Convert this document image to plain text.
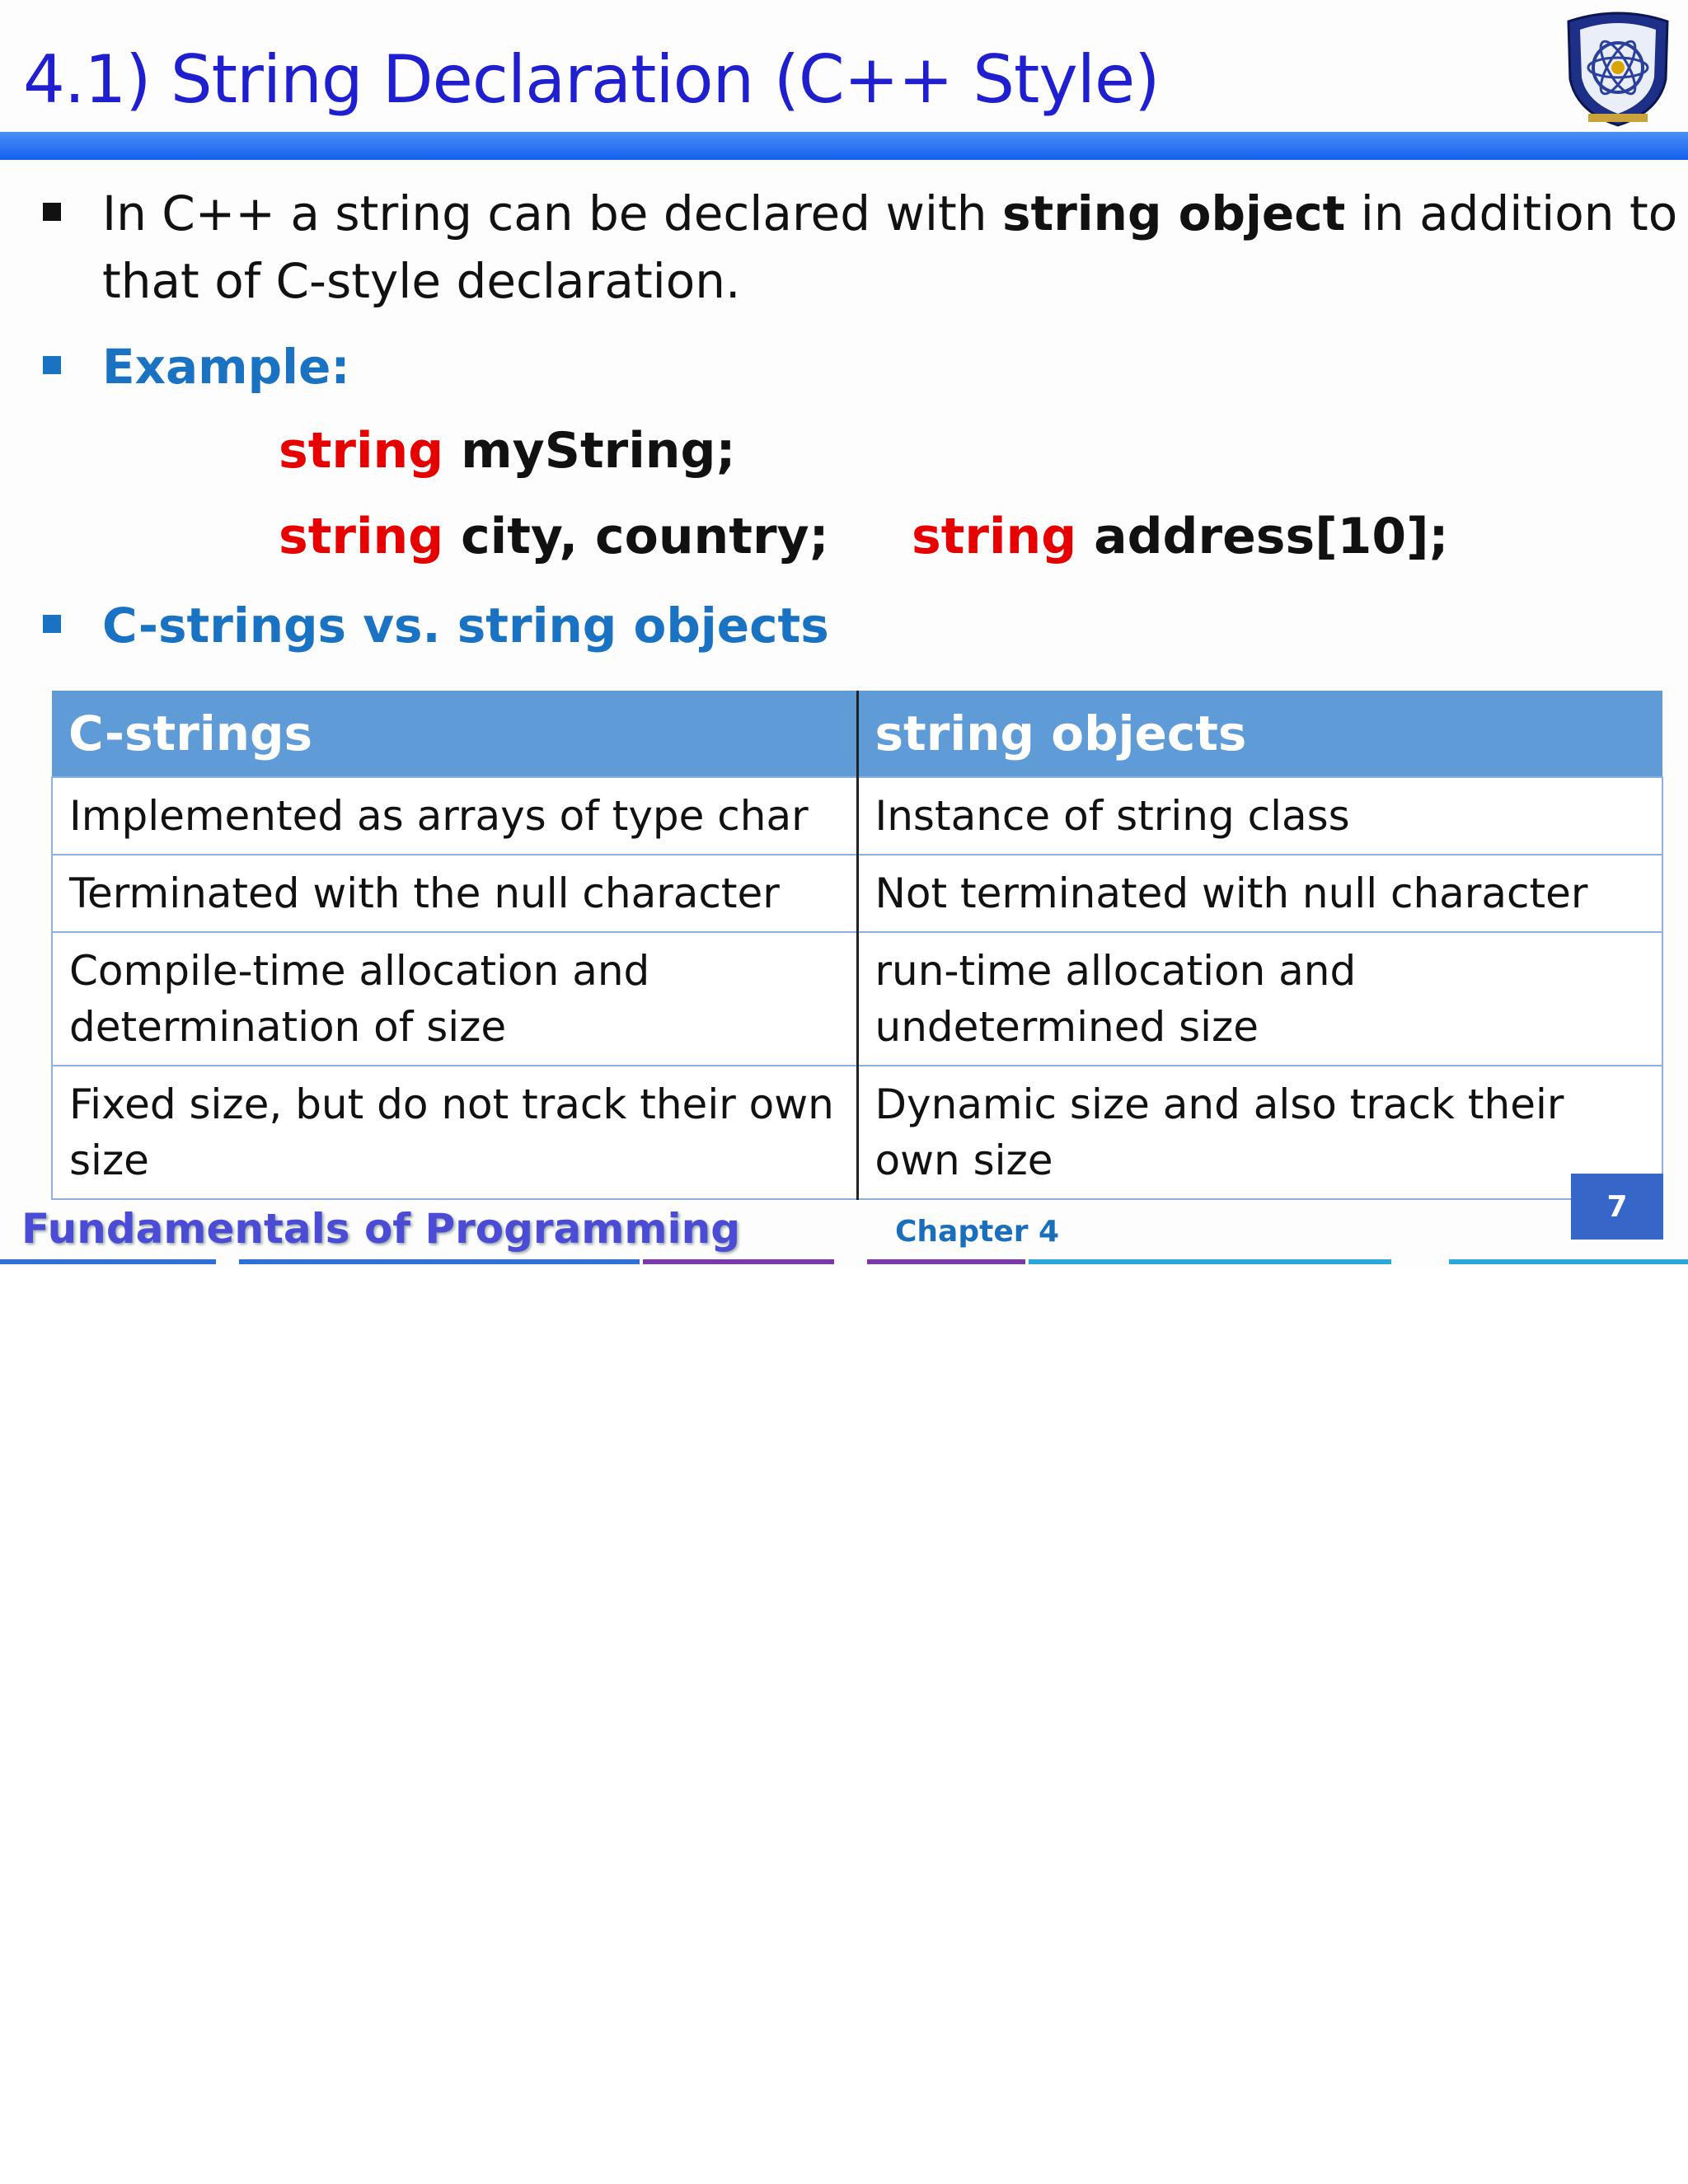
4.1) String Declaration (C++ Style)
In C++ a string can be declared with string object in addition to that of C-style declaration.
Example:
string myString;
string city, country; string address[10];
C-strings vs. string objects
C-strings	string objects
Implemented as arrays of type char	Instance of string class
Terminated with the null character	Not terminated with null character
Compile-time allocation and determination of size	run-time allocation and undetermined size
Fixed size, but do not track their own size	Dynamic size and also track their own size
Fundamentals of Programming	Chapter 4
7
